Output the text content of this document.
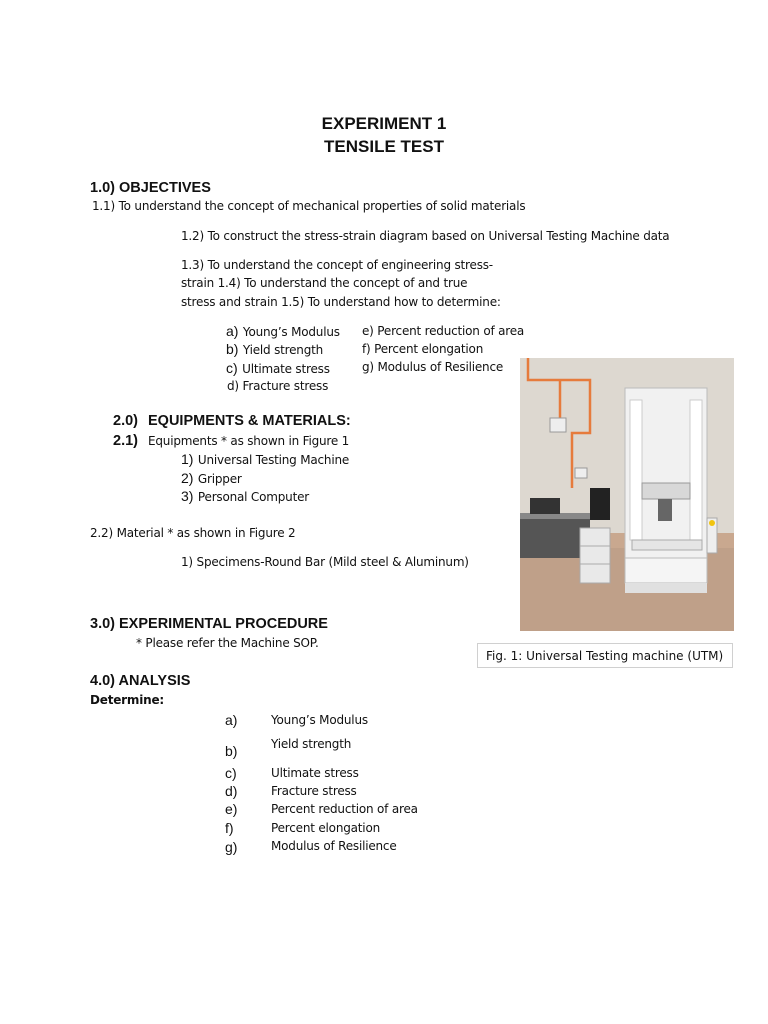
EXPERIMENT 1
TENSILE TEST
1.0) OBJECTIVES
1.1) To understand the concept of mechanical properties of solid materials
1.2) To construct the stress-strain diagram based on Universal Testing Machine data
1.3) To understand the concept of engineering stress-
strain 1.4) To understand the concept of and true
stress and strain 1.5) To understand how to determine:
a) Young’s Modulus
b) Yield strength
c) Ultimate stress
d) Fracture stress
e) Percent reduction of area
f) Percent elongation
g) Modulus of Resilience
2.0) EQUIPMENTS & MATERIALS:
2.1) Equipments * as shown in Figure 1
1) Universal Testing Machine
2) Gripper
3) Personal Computer
2.2) Material * as shown in Figure 2
1) Specimens-Round Bar (Mild steel & Aluminum)
Fig. 1: Universal Testing machine (UTM)
3.0) EXPERIMENTAL PROCEDURE
* Please refer the Machine SOP.
4.0) ANALYSIS
Determine:
a)	Young’s Modulus
b)	Yield strength
c)	Ultimate stress
d)	Fracture stress
e)	Percent reduction of area
f)	Percent elongation
g)	Modulus of Resilience
